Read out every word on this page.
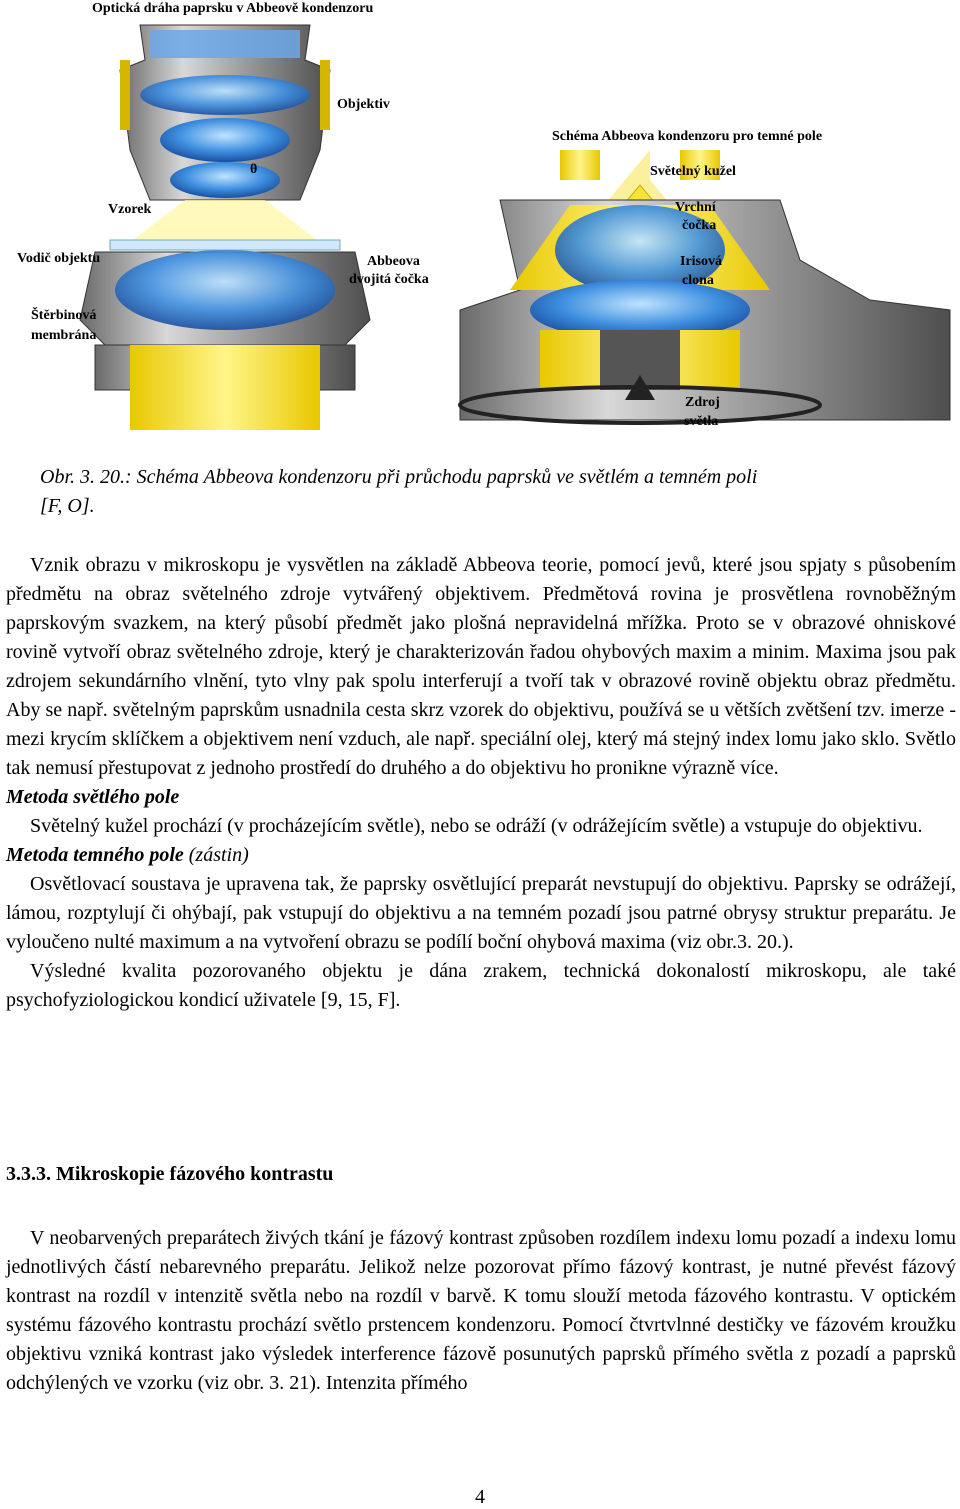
Optická dráha paprsku v Abbeově kondenzoru
Objektiv
θ
Vzorek
Vodič objektu	Abbeova
dvojitá čočka
Štěrbinová
membrána
Schéma Abbeova kondenzoru pro temné pole
Světelný kužel
Vrchní
čočka
Irisová
clona
Zdroj
světla
Obr. 3. 20.: Schéma Abbeova kondenzoru při průchodu paprsků ve světlém a temném poli
[F, O].

Vznik obrazu v mikroskopu je vysvětlen na základě Abbeova teorie, pomocí jevů, které jsou spjaty s působením předmětu na obraz světelného zdroje vytvářený objektivem. Předmětová rovina je prosvětlena rovnoběžným paprskovým svazkem, na který působí předmět jako plošná nepravidelná mřížka. Proto se v obrazové ohniskové rovině vytvoří obraz světelného zdroje, který je charakterizován řadou ohybových maxim a minim. Maxima jsou pak zdrojem sekundárního vlnění, tyto vlny pak spolu interferují a tvoří tak v obrazové rovině objektu obraz předmětu. Aby se např. světelným paprskům usnadnila cesta skrz vzorek do objektivu, používá se u větších zvětšení tzv. imerze - mezi krycím sklíčkem a objektivem není vzduch, ale např. speciální olej, který má stejný index lomu jako sklo. Světlo tak nemusí přestupovat z jednoho prostředí do druhého a do objektivu ho pronikne výrazně více.

Metoda světlého pole

Světelný kužel prochází (v procházejícím světle), nebo se odráží (v odrážejícím světle) a vstupuje do objektivu.

Metoda temného pole (zástin)

Osvětlovací soustava je upravena tak, že paprsky osvětlující preparát nevstupují do objektivu. Paprsky se odrážejí, lámou, rozptylují či ohýbají, pak vstupují do objektivu a na temném pozadí jsou patrné obrysy struktur preparátu. Je vyloučeno nulté maximum a na vytvoření obrazu se podílí boční ohybová maxima (viz obr.3. 20.).

Výsledné kvalita pozorovaného objektu je dána zrakem, technická dokonalostí mikroskopu, ale také psychofyziologickou kondicí uživatele [9, 15, F].

3.3.3. Mikroskopie fázového kontrastu

V neobarvených preparátech živých tkání je fázový kontrast způsoben rozdílem indexu lomu pozadí a indexu lomu jednotlivých částí nebarevného preparátu. Jelikož nelze pozorovat přímo fázový kontrast, je nutné převést fázový kontrast na rozdíl v intenzitě světla nebo na rozdíl v barvě. K tomu slouží metoda fázového kontrastu. V optickém systému fázového kontrastu prochází světlo prstencem kondenzoru. Pomocí čtvrtvlnné destičky ve fázovém kroužku objektivu vzniká kontrast jako výsledek interference fázově posunutých paprsků přímého světla z pozadí a paprsků odchýlených ve vzorku (viz obr. 3. 21). Intenzita přímého

4
